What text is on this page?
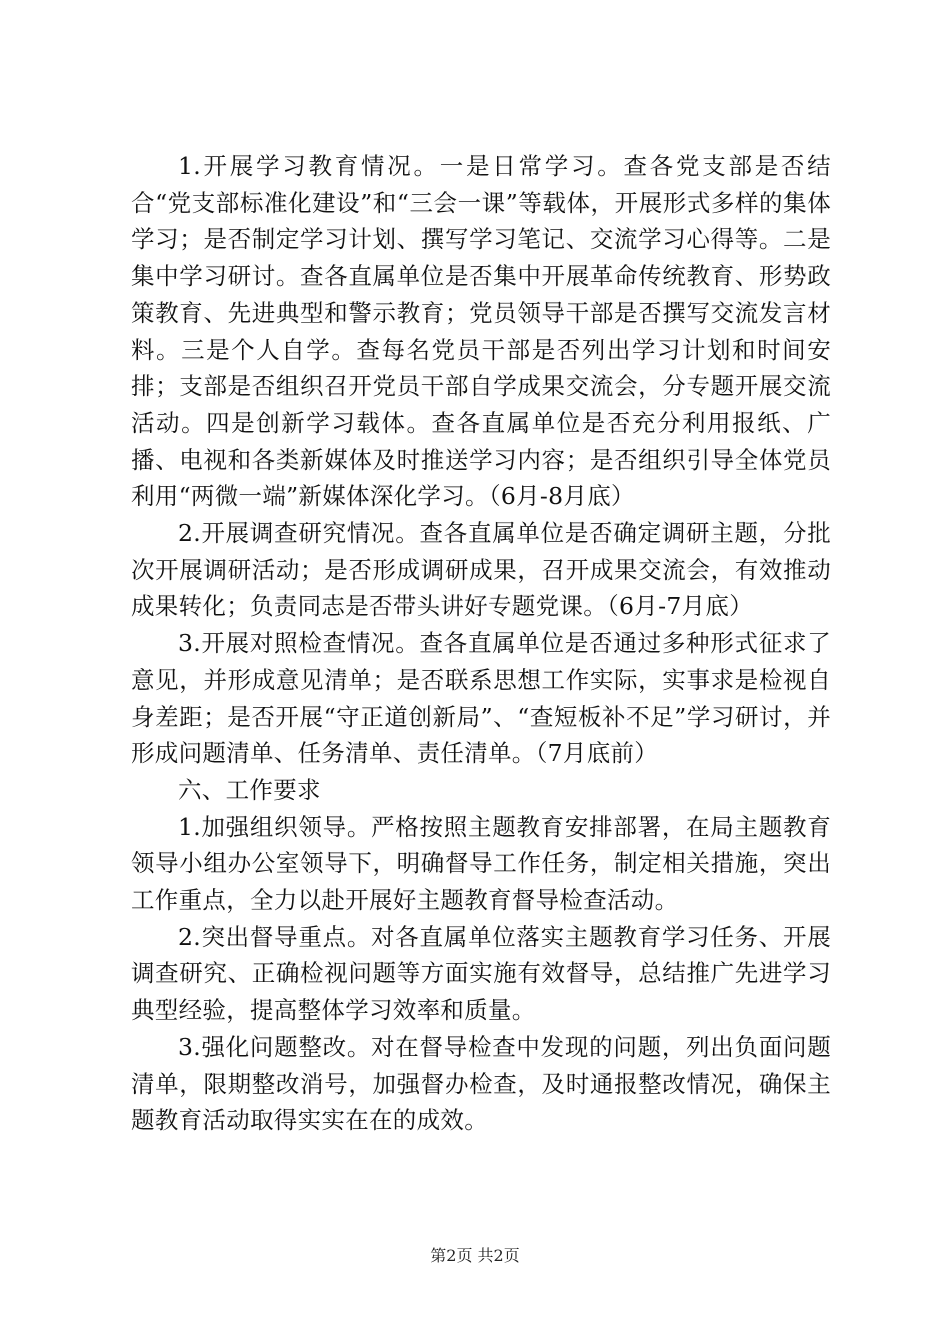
1.开展学习教育情况。一是日常学习。查各党支部是否结合“党支部标准化建设”和“三会一课”等载体，开展形式多样的集体学习；是否制定学习计划、撰写学习笔记、交流学习心得等。二是集中学习研讨。查各直属单位是否集中开展革命传统教育、形势政策教育、先进典型和警示教育；党员领导干部是否撰写交流发言材料。三是个人自学。查每名党员干部是否列出学习计划和时间安排；支部是否组织召开党员干部自学成果交流会，分专题开展交流活动。四是创新学习载体。查各直属单位是否充分利用报纸、广播、电视和各类新媒体及时推送学习内容；是否组织引导全体党员利用“两微一端”新媒体深化学习。（6月-8月底）

2.开展调查研究情况。查各直属单位是否确定调研主题，分批次开展调研活动；是否形成调研成果，召开成果交流会，有效推动成果转化；负责同志是否带头讲好专题党课。（6月-7月底）

3.开展对照检查情况。查各直属单位是否通过多种形式征求了意见，并形成意见清单；是否联系思想工作实际，实事求是检视自身差距；是否开展“守正道创新局”、“查短板补不足”学习研讨，并形成问题清单、任务清单、责任清单。（7月底前）

六、工作要求

1.加强组织领导。严格按照主题教育安排部署，在局主题教育领导小组办公室领导下，明确督导工作任务，制定相关措施，突出工作重点，全力以赴开展好主题教育督导检查活动。

2.突出督导重点。对各直属单位落实主题教育学习任务、开展调查研究、正确检视问题等方面实施有效督导，总结推广先进学习典型经验，提高整体学习效率和质量。

3.强化问题整改。对在督导检查中发现的问题，列出负面问题清单，限期整改消号，加强督办检查，及时通报整改情况，确保主题教育活动取得实实在在的成效。

第2页 共2页
